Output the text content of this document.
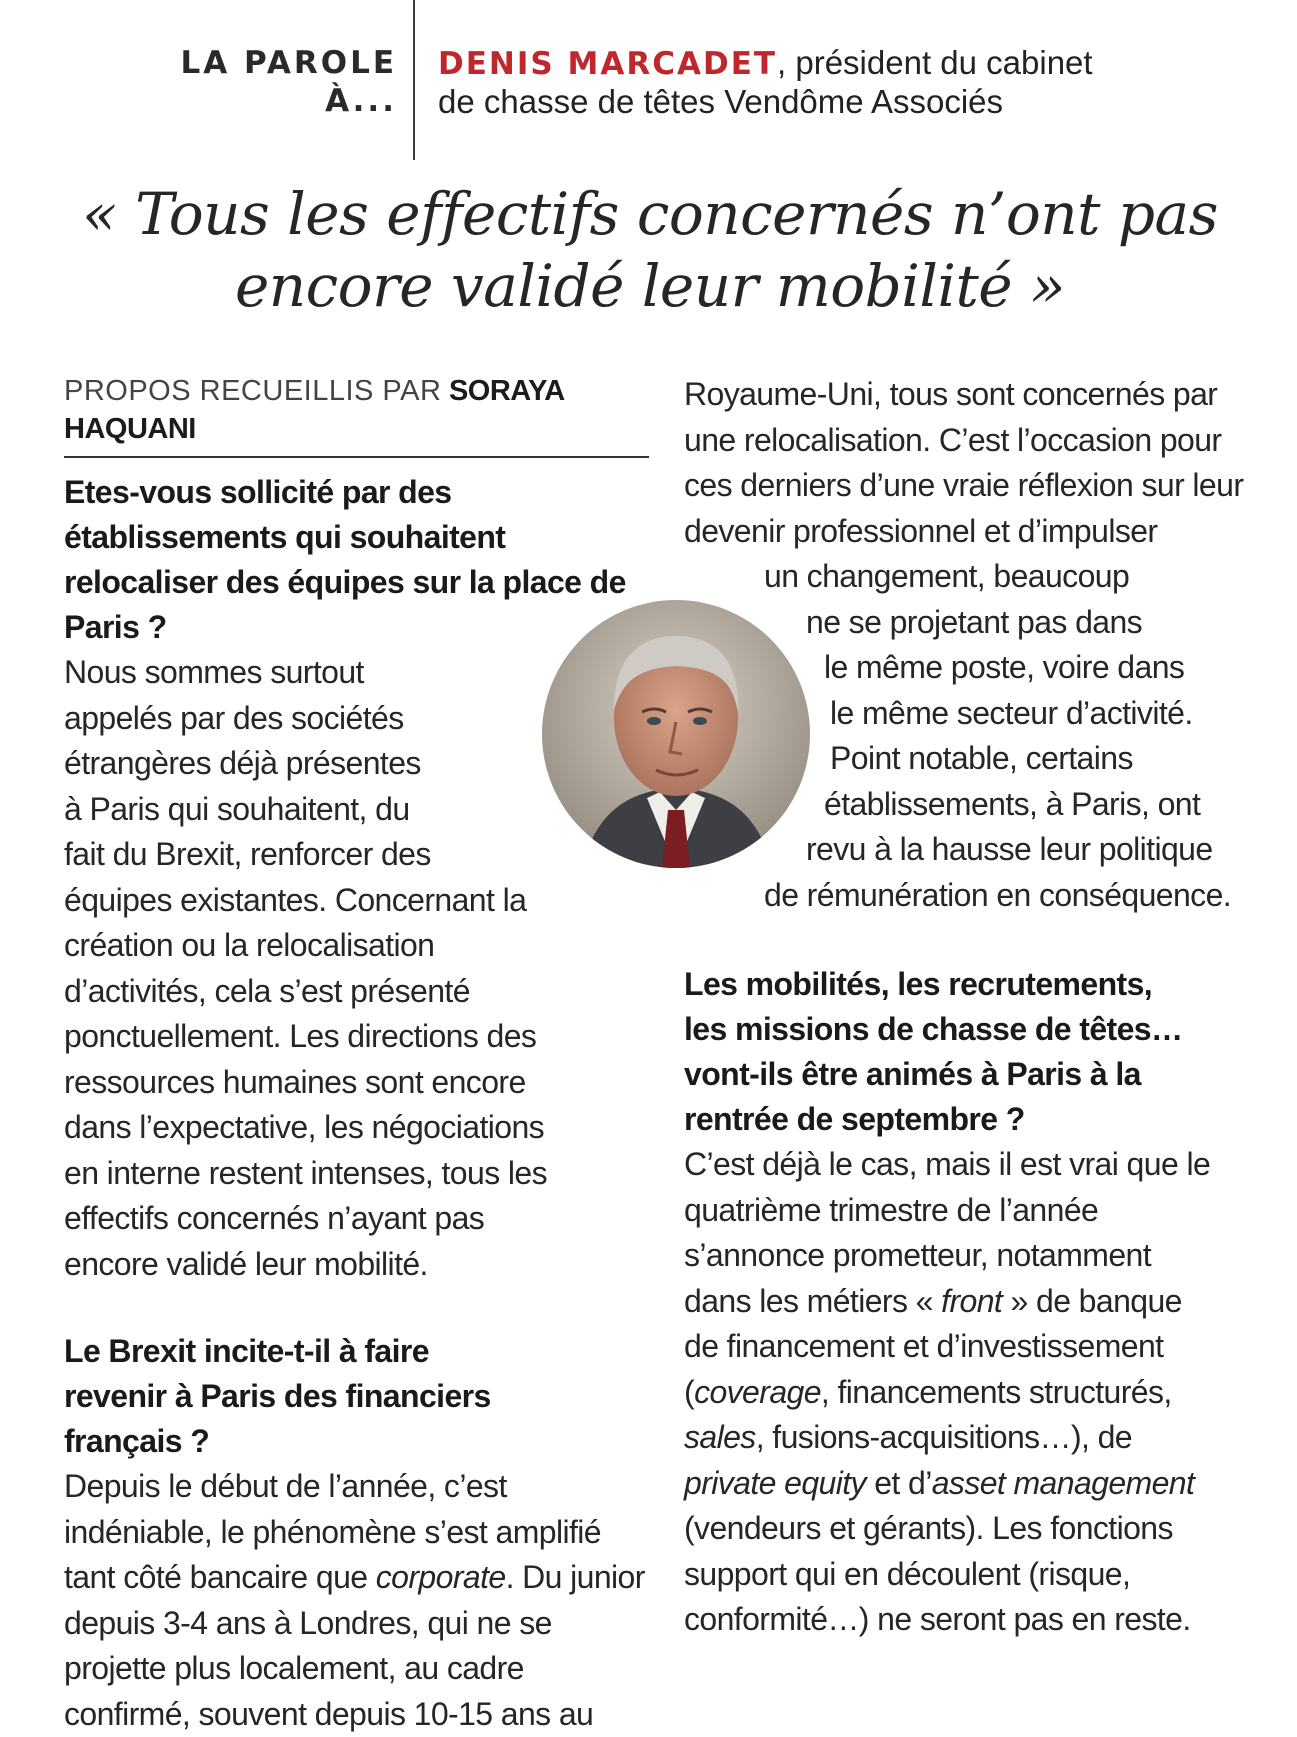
LA PAROLE
À...
DENIS MARCADET, président du cabinet
de chasse de têtes Vendôme Associés
« Tous les effectifs concernés n’ont pas
encore validé leur mobilité »
PROPOS RECUEILLIS PAR SORAYA HAQUANI

Etes-vous sollicité par des établissements qui souhaitent relocaliser des équipes sur la place de Paris ?

Nous sommes surtout
appelés par des sociétés
étrangères déjà présentes
à Paris qui souhaitent, du
fait du Brexit, renforcer des
équipes existantes. Concernant la création ou la relocalisation d’activités, cela s’est présenté ponctuellement. Les directions des ressources humaines sont encore dans l’expectative, les négociations en interne restent intenses, tous les effectifs concernés n’ayant pas encore validé leur mobilité.

Le Brexit incite-t-il à faire revenir à Paris des financiers français ?

Depuis le début de l’année, c’est indéniable, le phénomène s’est amplifié tant côté bancaire que corporate. Du junior depuis 3-4 ans à Londres, qui ne se projette plus localement, au cadre confirmé, souvent depuis 10-15 ans au

Royaume-Uni, tous sont concernés par une relocalisation. C’est l’occasion pour ces derniers d’une vraie réflexion sur leur devenir professionnel et d’impulser

un changement, beaucoup
ne se projetant pas dans
le même poste, voire dans
le même secteur d’activité.
Point notable, certains
établissements, à Paris, ont
revu à la hausse leur politique
de rémunération en conséquence.

Les mobilités, les recrutements, les missions de chasse de têtes… vont-ils être animés à Paris à la rentrée de septembre ?

C’est déjà le cas, mais il est vrai que le quatrième trimestre de l’année s’annonce prometteur, notamment dans les métiers « front » de banque de financement et d’investissement (coverage, financements structurés, sales, fusions-acquisitions…), de private equity et d’asset management (vendeurs et gérants). Les fonctions support qui en découlent (risque, conformité…) ne seront pas en reste.
